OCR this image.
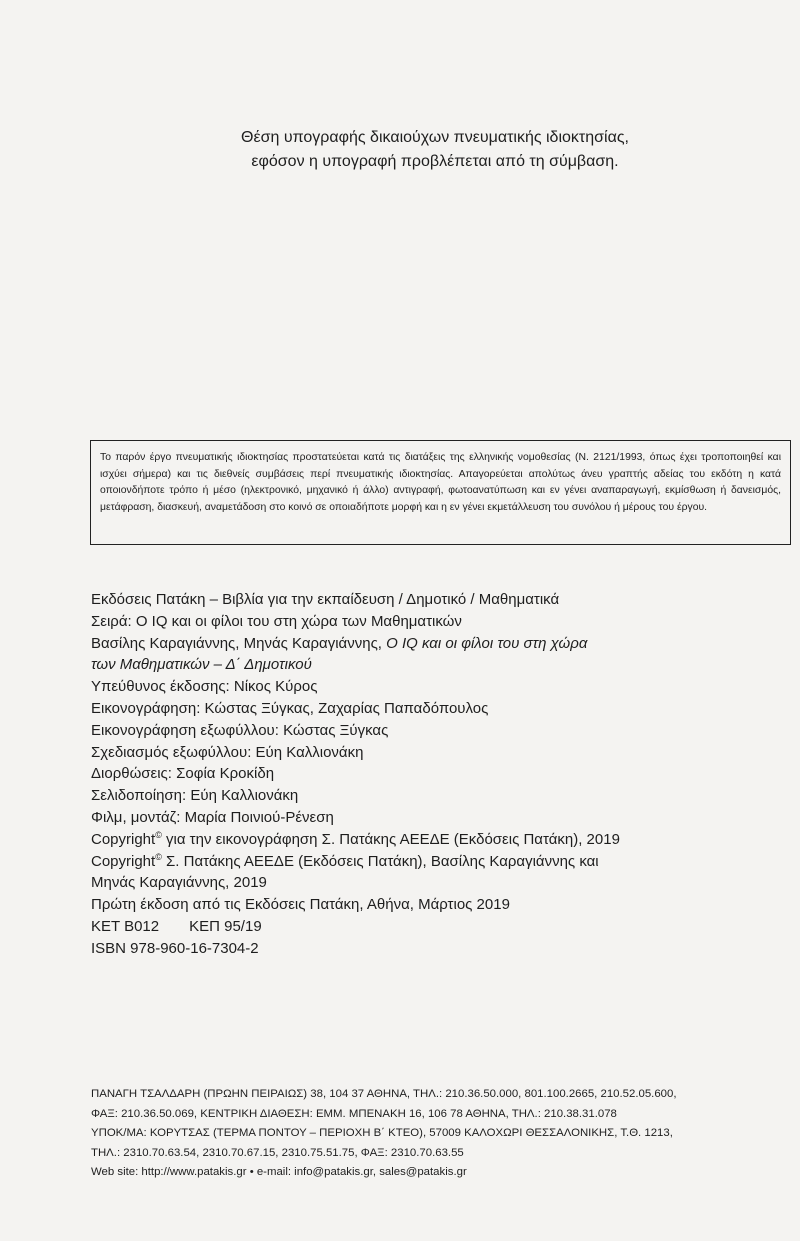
Θέση υπογραφής δικαιούχων πνευματικής ιδιοκτησίας,
εφόσον η υπογραφή προβλέπεται από τη σύμβαση.

Το παρόν έργο πνευματικής ιδιοκτησίας προστατεύεται κατά τις διατάξεις της ελληνικής νομοθεσίας (Ν. 2121/1993, όπως έχει τροποποιηθεί και ισχύει σήμερα) και τις διεθνείς συμβάσεις περί πνευματικής ιδιοκτησίας. Απαγορεύεται απολύτως άνευ γραπτής αδείας του εκδότη η κατά οποιονδήποτε τρόπο ή μέσο (ηλεκτρονικό, μηχανικό ή άλλο) αντιγραφή, φωτοανατύπωση και εν γένει αναπαραγωγή, εκμίσθωση ή δανεισμός, μετάφραση, διασκευή, αναμετάδοση στο κοινό σε οποιαδήποτε μορφή και η εν γένει εκμετάλλευση του συνόλου ή μέρους του έργου.

Εκδόσεις Πατάκη – Βιβλία για την εκπαίδευση / Δημοτικό / Μαθηματικά
Σειρά: Ο IQ και οι φίλοι του στη χώρα των Μαθηματικών
Βασίλης Καραγιάννης, Μηνάς Καραγιάννης, Ο IQ και οι φίλοι του στη χώρα
των Μαθηματικών – Δ΄ Δημοτικού
Υπεύθυνος έκδοσης: Νίκος Κύρος
Εικονογράφηση: Κώστας Ξύγκας, Ζαχαρίας Παπαδόπουλος
Εικονογράφηση εξωφύλλου: Κώστας Ξύγκας
Σχεδιασμός εξωφύλλου: Εύη Καλλιονάκη
Διορθώσεις: Σοφία Κροκίδη
Σελιδοποίηση: Εύη Καλλιονάκη
Φιλμ, μοντάζ: Μαρία Ποινιού-Ρένεση
Copyright© για την εικονογράφηση Σ. Πατάκης ΑΕΕΔΕ (Εκδόσεις Πατάκη), 2019
Copyright© Σ. Πατάκης ΑΕΕΔΕ (Εκδόσεις Πατάκη), Βασίλης Καραγιάννης και
Μηνάς Καραγιάννης, 2019
Πρώτη έκδοση από τις Εκδόσεις Πατάκη, Αθήνα, Μάρτιος 2019
ΚΕΤ Β012 ΚΕΠ 95/19
ISBN 978-960-16-7304-2
ΠΑΝΑΓΗ ΤΣΑΛΔΑΡΗ (ΠΡΩΗΝ ΠΕΙΡΑΙΩΣ) 38, 104 37 ΑΘΗΝΑ, ΤΗΛ.: 210.36.50.000, 801.100.2665, 210.52.05.600,
ΦΑΞ: 210.36.50.069, ΚΕΝΤΡΙΚΗ ΔΙΑΘΕΣΗ: ΕΜΜ. ΜΠΕΝΑΚΗ 16, 106 78 ΑΘΗΝΑ, ΤΗΛ.: 210.38.31.078
ΥΠΟΚ/ΜΑ: ΚΟΡΥΤΣΑΣ (ΤΕΡΜΑ ΠΟΝΤΟΥ – ΠΕΡΙΟΧΗ Β΄ ΚΤΕΟ), 57009 ΚΑΛΟΧΩΡΙ ΘΕΣΣΑΛΟΝΙΚΗΣ, Τ.Θ. 1213,
ΤΗΛ.: 2310.70.63.54, 2310.70.67.15, 2310.75.51.75, ΦΑΞ: 2310.70.63.55
Web site: http://www.patakis.gr • e-mail: info@patakis.gr, sales@patakis.gr
